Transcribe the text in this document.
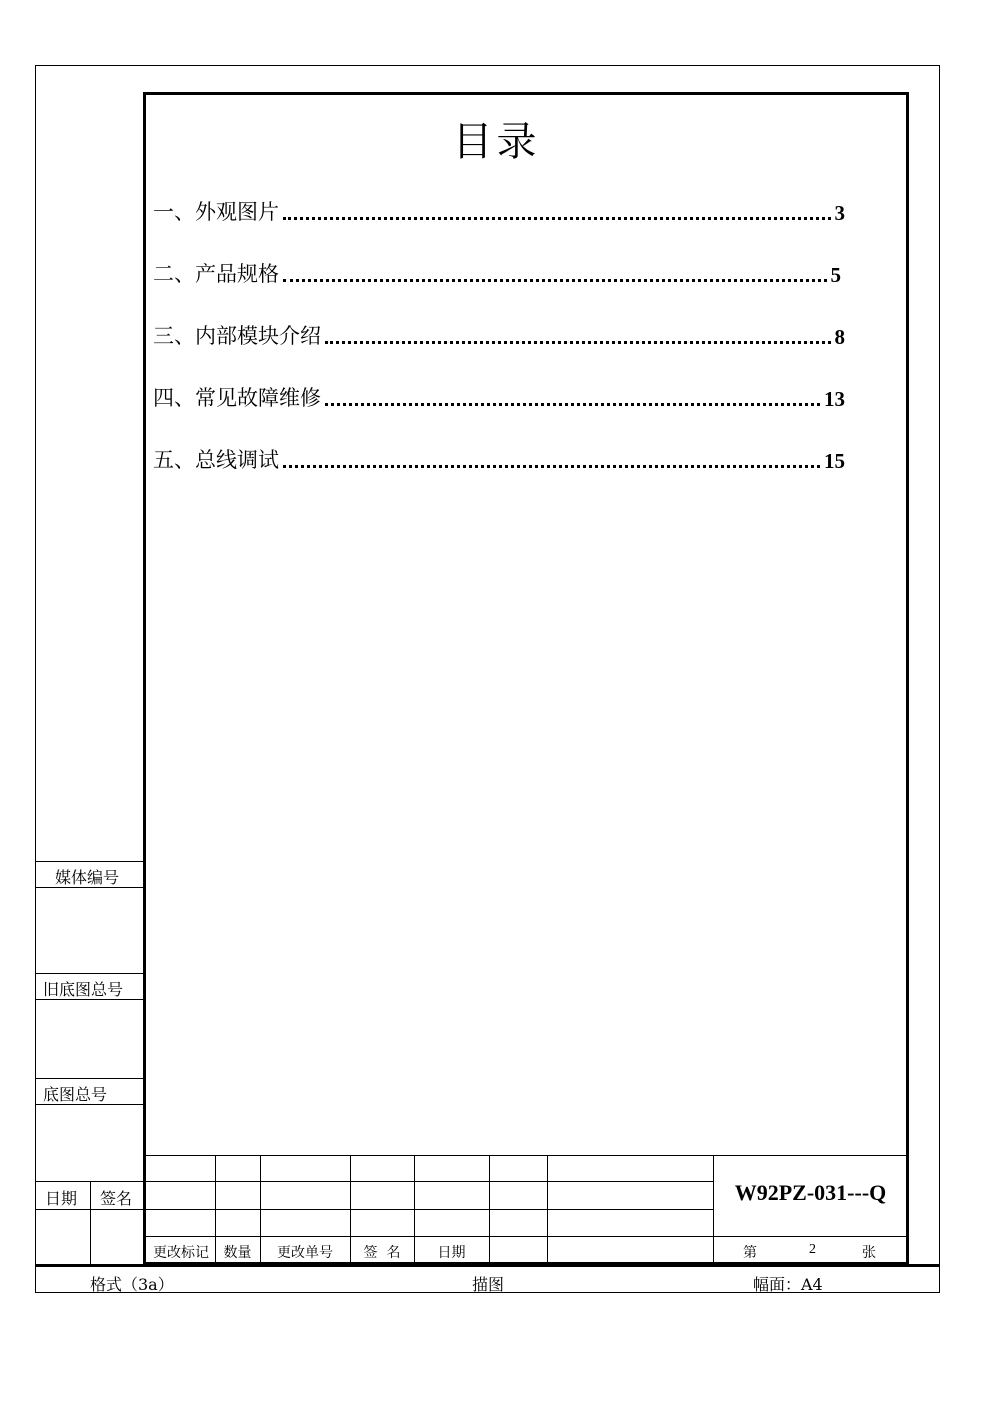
目录
一、外观图片	3
二、产品规格	5
三、内部模块介绍	8
四、常见故障维修	13
五、总线调试	15
媒体编号
旧底图总号
底图总号
日期 签名
更改标记	数量	更改单号	签  名	日期
W92PZ-031---Q
第	2	张
格式（3a）	描图	幅面：A4
